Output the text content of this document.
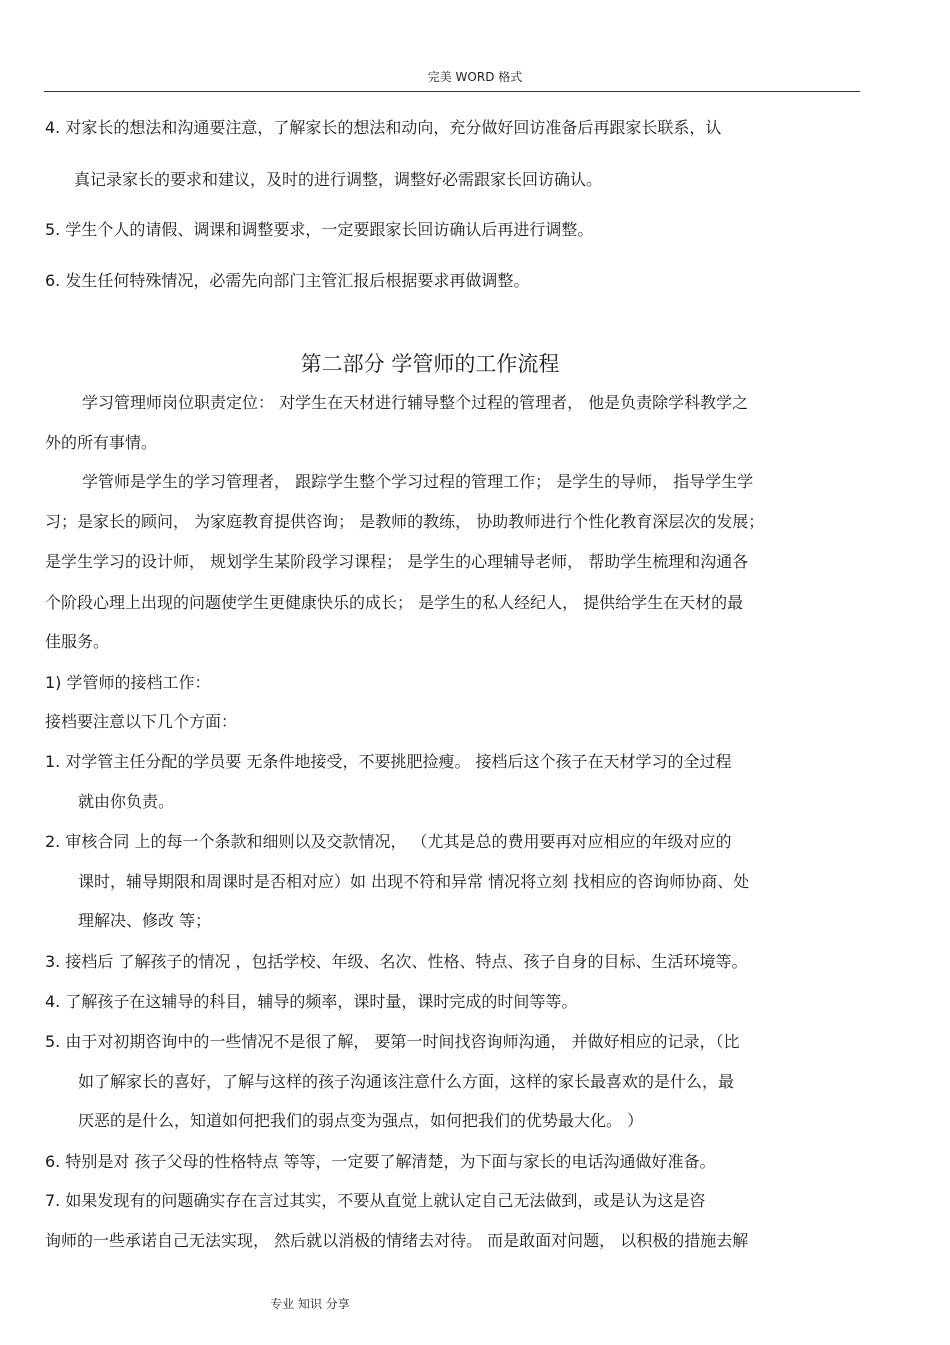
完美 WORD 格式
4. 对家长的想法和沟通要注意，了解家长的想法和动向，充分做好回访准备后再跟家长联系，认
真记录家长的要求和建议，及时的进行调整，调整好必需跟家长回访确认。
5. 学生个人的请假、调课和调整要求，一定要跟家长回访确认后再进行调整。
6. 发生任何特殊情况，必需先向部门主管汇报后根据要求再做调整。
第二部分 学管师的工作流程
学习管理师岗位职责定位： 对学生在天材进行辅导整个过程的管理者， 他是负责除学科教学之
外的所有事情。
学管师是学生的学习管理者， 跟踪学生整个学习过程的管理工作； 是学生的导师， 指导学生学
习；是家长的顾问， 为家庭教育提供咨询； 是教师的教练， 协助教师进行个性化教育深层次的发展；
是学生学习的设计师， 规划学生某阶段学习课程； 是学生的心理辅导老师， 帮助学生梳理和沟通各
个阶段心理上出现的问题使学生更健康快乐的成长； 是学生的私人经纪人， 提供给学生在天材的最
佳服务。
1) 学管师的接档工作：
接档要注意以下几个方面：
1. 对学管主任分配的学员要 无条件地接受，不要挑肥捡瘦。 接档后这个孩子在天材学习的全过程
就由你负责。
2. 审核合同 上的每一个条款和细则以及交款情况， （尤其是总的费用要再对应相应的年级对应的
课时，辅导期限和周课时是否相对应）如 出现不符和异常 情况将立刻 找相应的咨询师协商、处
理解决、修改 等；
3. 接档后 了解孩子的情况 ，包括学校、年级、名次、性格、特点、孩子自身的目标、生活环境等。
4. 了解孩子在这辅导的科目，辅导的频率，课时量，课时完成的时间等等。
5. 由于对初期咨询中的一些情况不是很了解， 要第一时间找咨询师沟通， 并做好相应的记录，（比
如了解家长的喜好，了解与这样的孩子沟通该注意什么方面，这样的家长最喜欢的是什么，最
厌恶的是什么，知道如何把我们的弱点变为强点，如何把我们的优势最大化。 ）
6. 特别是对 孩子父母的性格特点 等等，一定要了解清楚，为下面与家长的电话沟通做好准备。
7. 如果发现有的问题确实存在言过其实，不要从直觉上就认定自己无法做到，或是认为这是咨
询师的一些承诺自己无法实现， 然后就以消极的情绪去对待。 而是敢面对问题， 以积极的措施去解
专业 知识 分享
